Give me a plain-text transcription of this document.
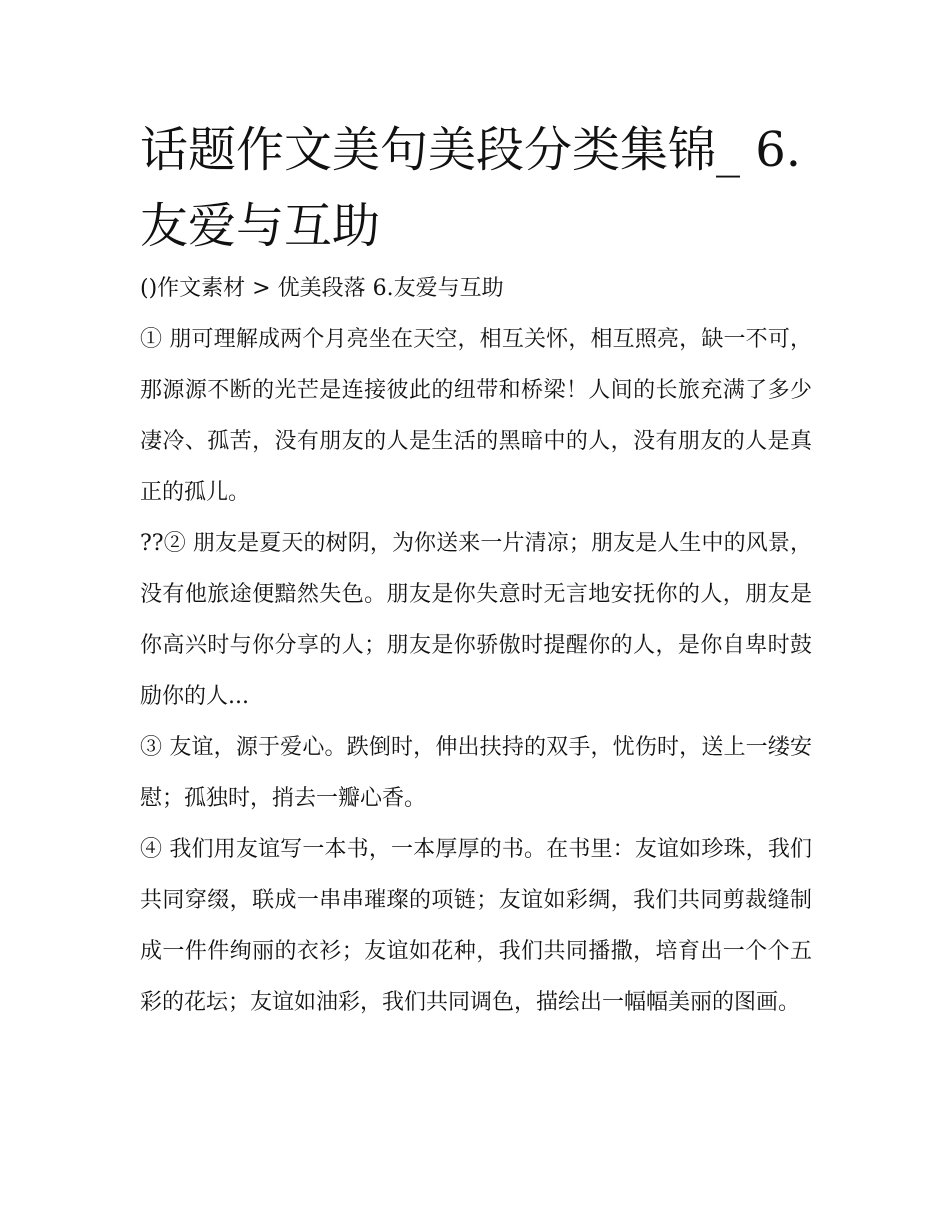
话题作文美句美段分类集锦_ 6.友爱与互助

()作文素材 > 优美段落 6.友爱与互助

① 朋可理解成两个月亮坐在天空，相互关怀，相互照亮，缺一不可，那源源不断的光芒是连接彼此的纽带和桥梁！人间的长旅充满了多少凄冷、孤苦，没有朋友的人是生活的黑暗中的人，没有朋友的人是真正的孤儿。

??② 朋友是夏天的树阴，为你送来一片清凉；朋友是人生中的风景，没有他旅途便黯然失色。朋友是你失意时无言地安抚你的人，朋友是你高兴时与你分享的人；朋友是你骄傲时提醒你的人，是你自卑时鼓励你的人...

③ 友谊，源于爱心。跌倒时，伸出扶持的双手，忧伤时，送上一缕安慰；孤独时，捎去一瓣心香。

④ 我们用友谊写一本书，一本厚厚的书。在书里：友谊如珍珠，我们共同穿缀，联成一串串璀璨的项链；友谊如彩绸，我们共同剪裁缝制成一件件绚丽的衣衫；友谊如花种，我们共同播撒，培育出一个个五彩的花坛；友谊如油彩，我们共同调色，描绘出一幅幅美丽的图画。
